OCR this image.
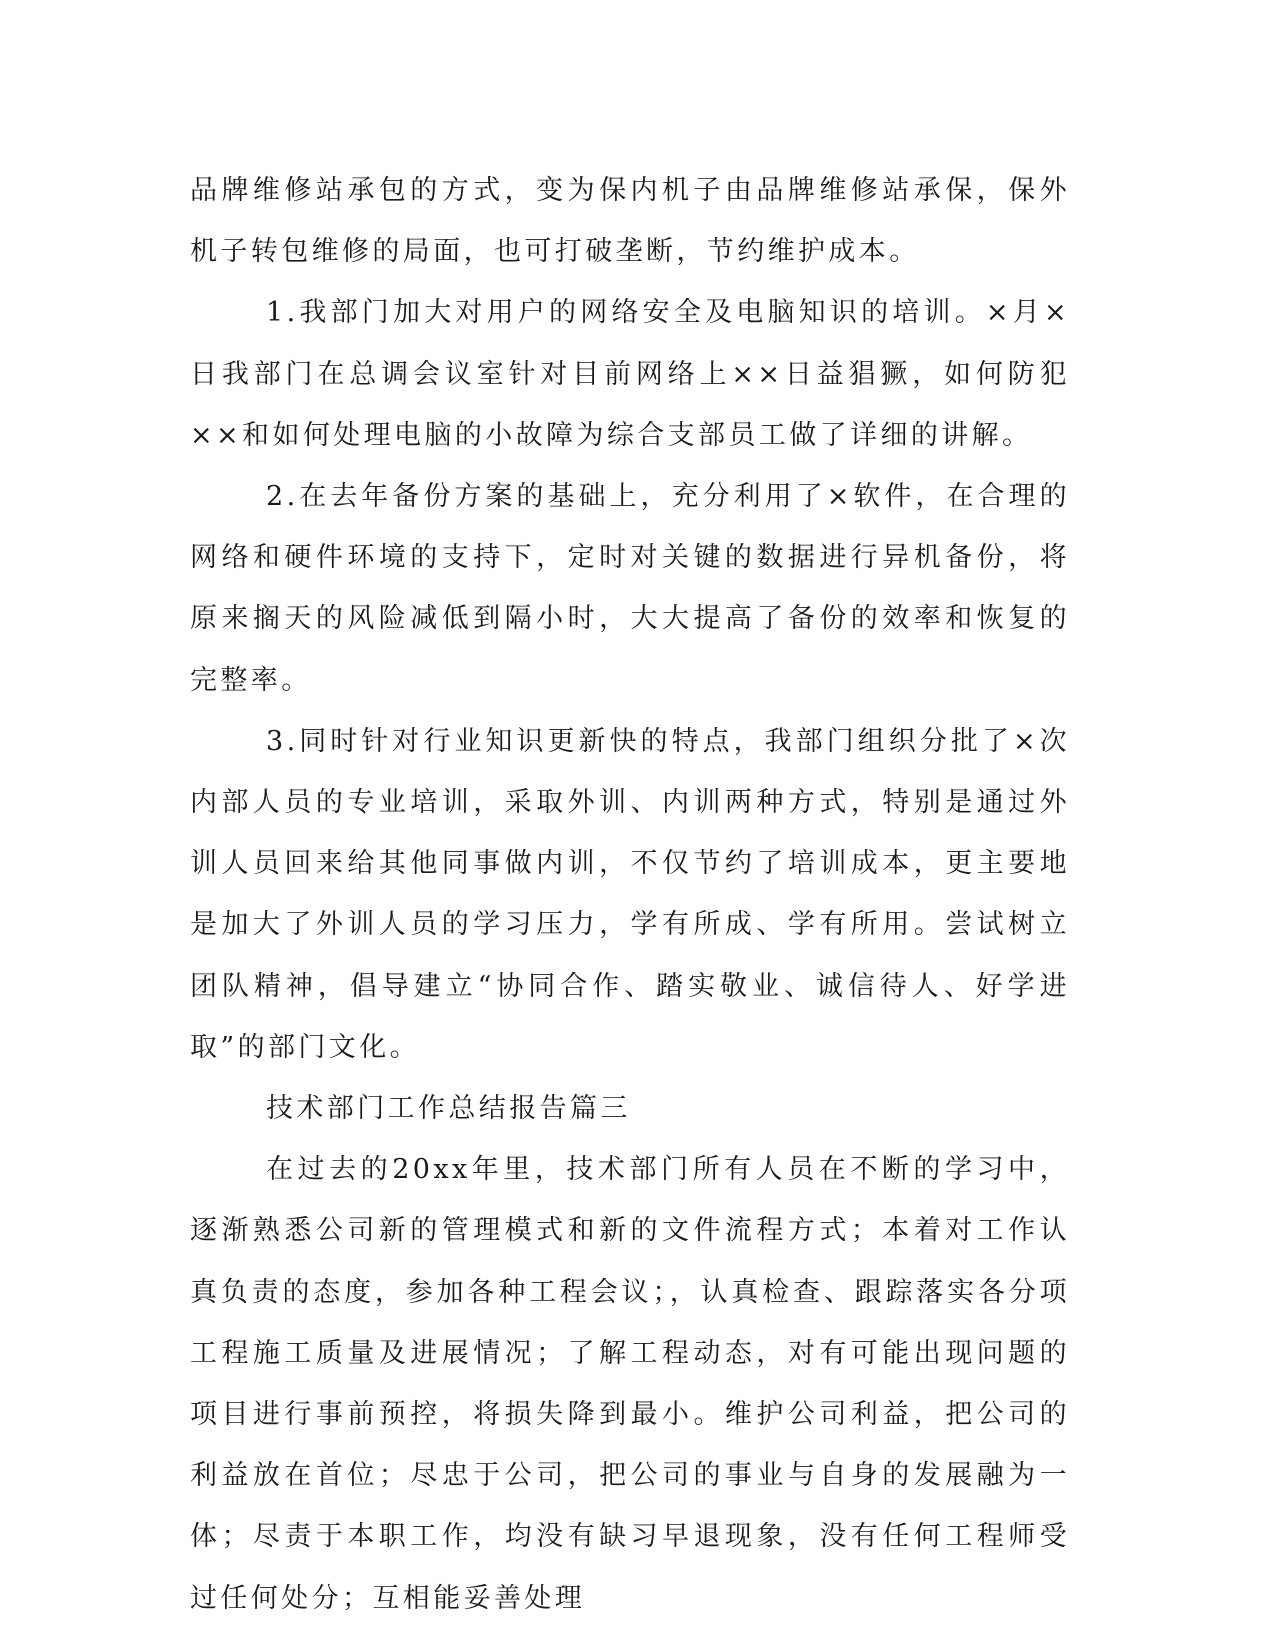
品牌维修站承包的方式，变为保内机子由品牌维修站承保，保外机子转包维修的局面，也可打破垄断，节约维护成本。

1.我部门加大对用户的网络安全及电脑知识的培训。×月×日我部门在总调会议室针对目前网络上××日益猖獗，如何防犯××和如何处理电脑的小故障为综合支部员工做了详细的讲解。

2.在去年备份方案的基础上，充分利用了×软件，在合理的网络和硬件环境的支持下，定时对关键的数据进行异机备份，将原来搁天的风险减低到隔小时，大大提高了备份的效率和恢复的完整率。

3.同时针对行业知识更新快的特点，我部门组织分批了×次内部人员的专业培训，采取外训、内训两种方式，特别是通过外训人员回来给其他同事做内训，不仅节约了培训成本，更主要地是加大了外训人员的学习压力，学有所成、学有所用。尝试树立团队精神，倡导建立“协同合作、踏实敬业、诚信待人、好学进取”的部门文化。

技术部门工作总结报告篇三

在过去的20xx年里，技术部门所有人员在不断的学习中，逐渐熟悉公司新的管理模式和新的文件流程方式；本着对工作认真负责的态度，参加各种工程会议；，认真检查、跟踪落实各分项工程施工质量及进展情况；了解工程动态，对有可能出现问题的项目进行事前预控，将损失降到最小。维护公司利益，把公司的利益放在首位；尽忠于公司，把公司的事业与自身的发展融为一体；尽责于本职工作，均没有缺习早退现象，没有任何工程师受过任何处分；互相能妥善处理
